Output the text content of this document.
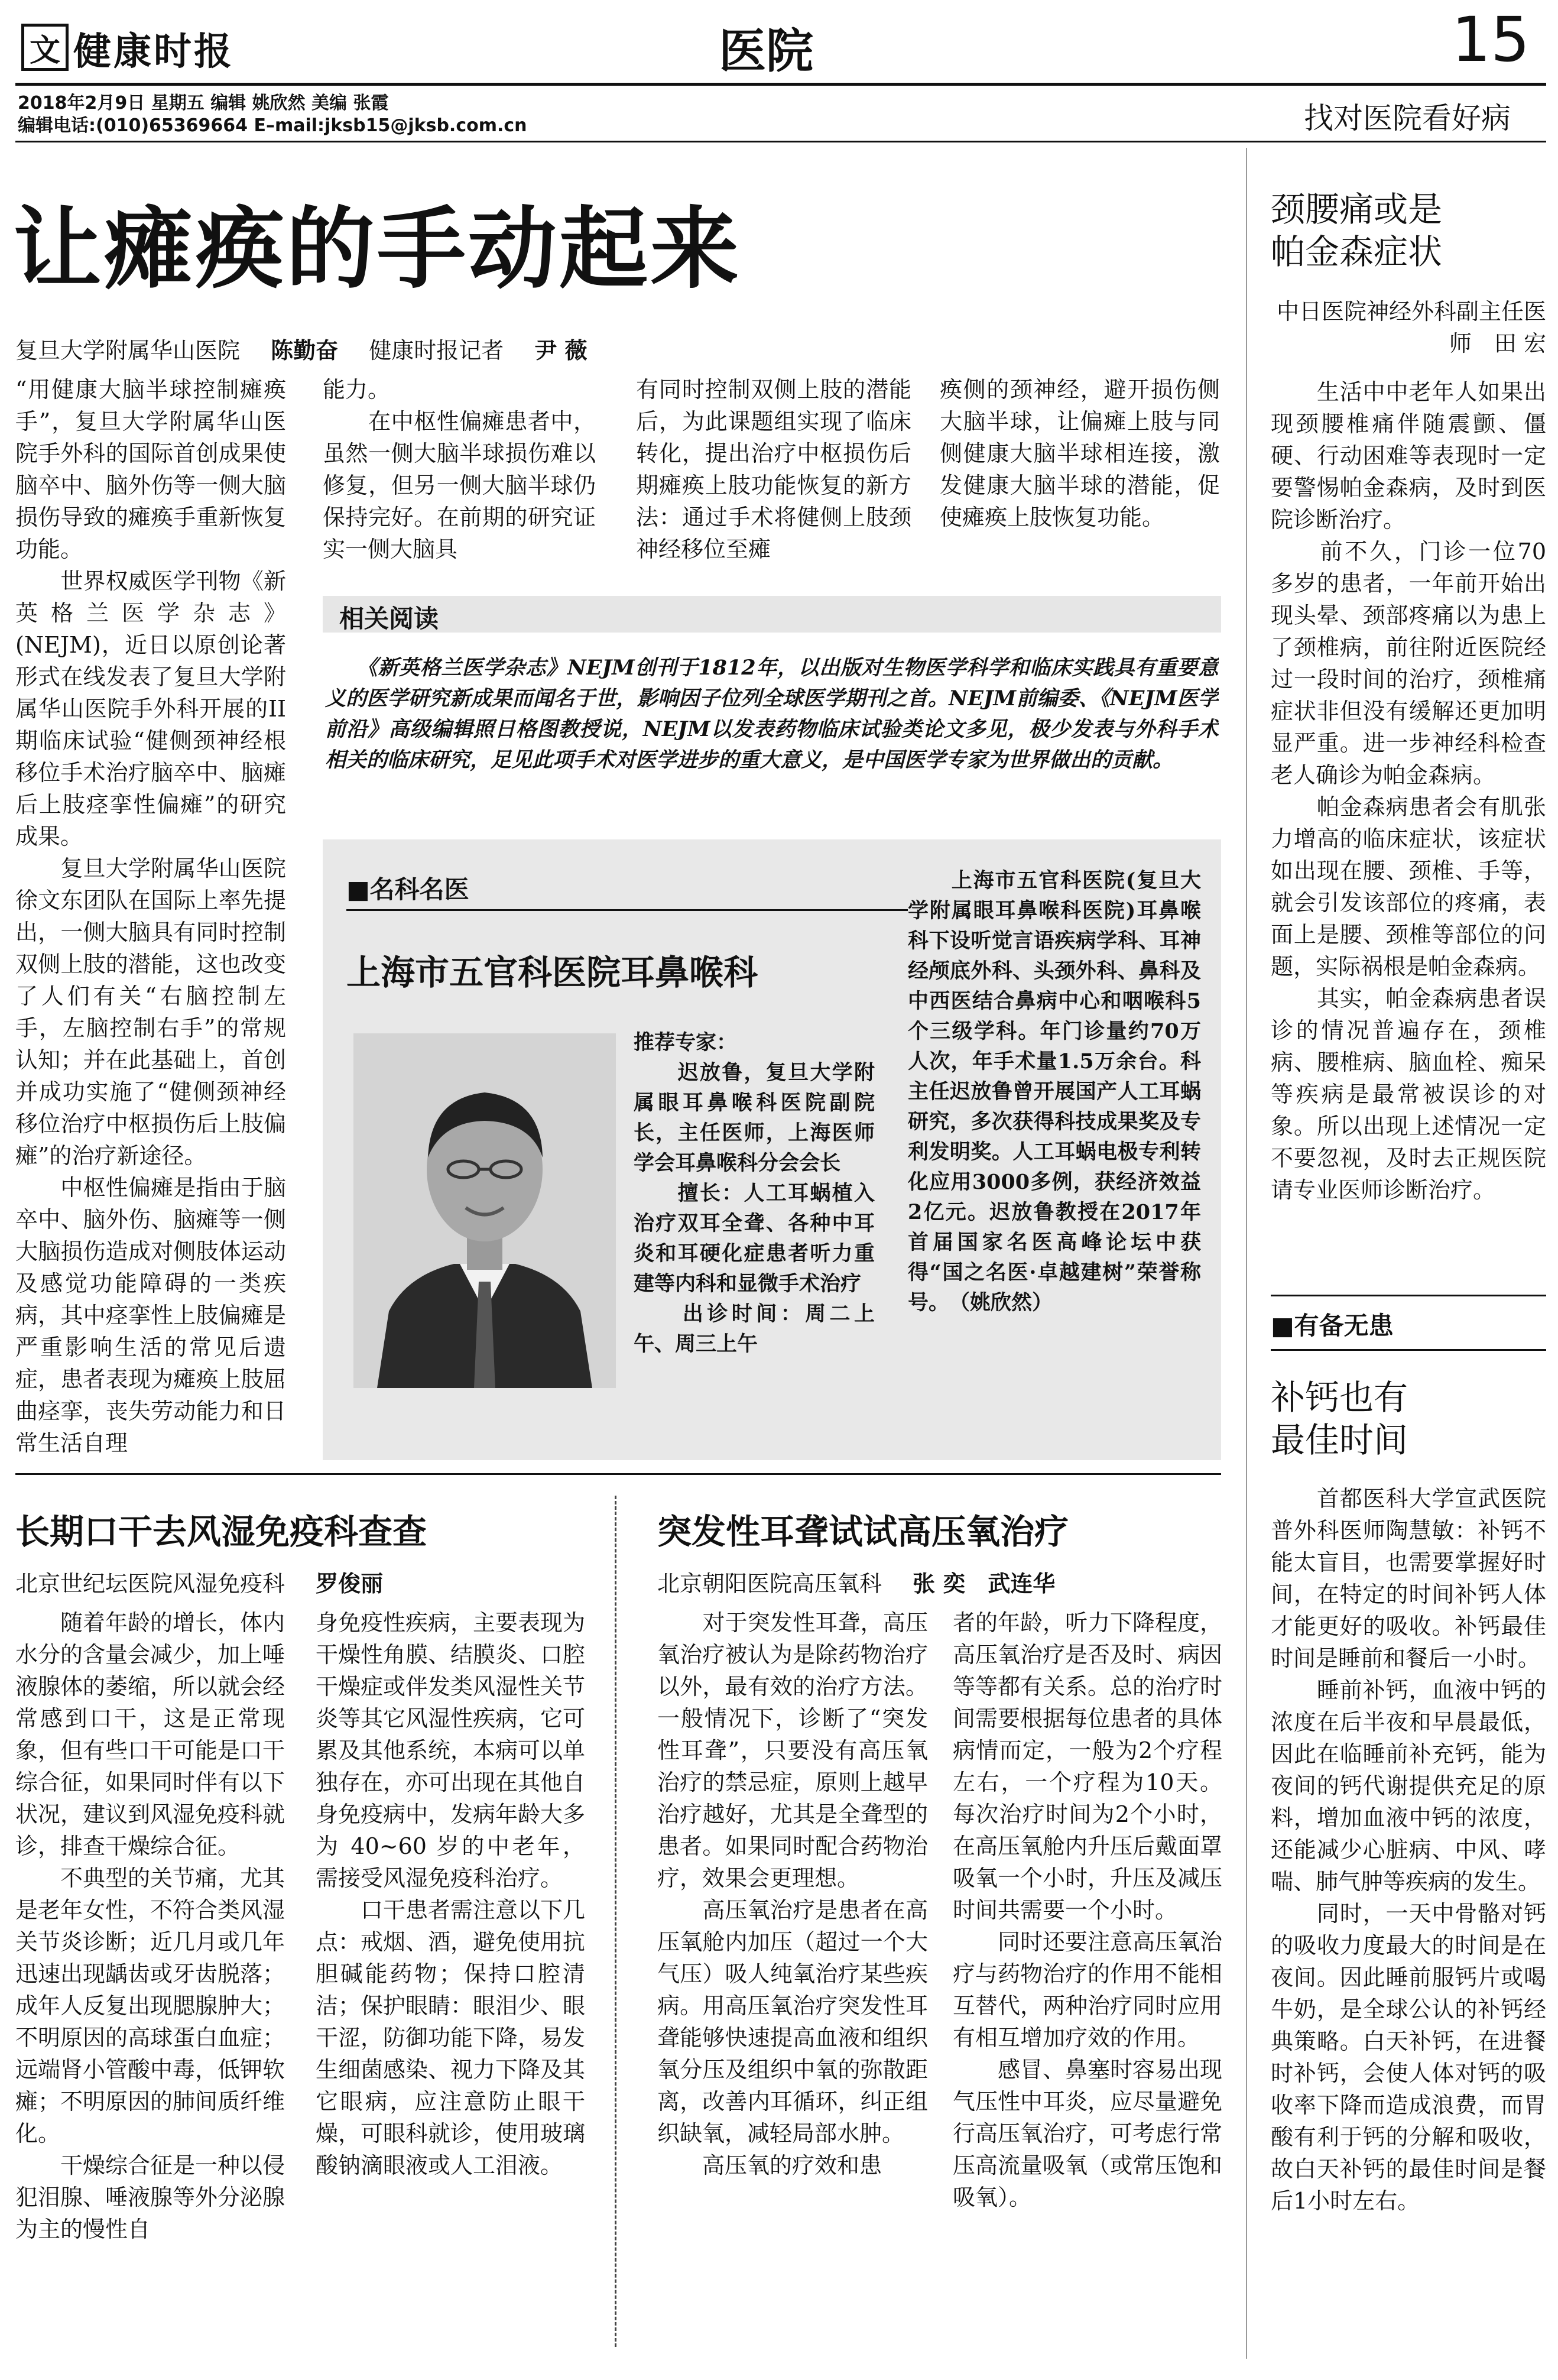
文 健康时报	医院	15
2018年2月9日 星期五 编辑 姚欣然 美编 张霞
编辑电话:(010)65369664 E–mail:jksb15@jksb.com.cn	找对医院看好病
让瘫痪的手动起来
复旦大学附属华山医院 陈勤奋 健康时报记者 尹 薇
“用健康大脑半球控制瘫痪手”，复旦大学附属华山医院手外科的国际首创成果使脑卒中、脑外伤等一侧大脑损伤导致的瘫痪手重新恢复功能。
　　世界权威医学刊物《新英格兰医学杂志》(NEJM)，近日以原创论著形式在线发表了复旦大学附属华山医院手外科开展的II期临床试验“健侧颈神经根移位手术治疗脑卒中、脑瘫后上肢痉挛性偏瘫”的研究成果。
　　复旦大学附属华山医院徐文东团队在国际上率先提出，一侧大脑具有同时控制双侧上肢的潜能，这也改变了人们有关“右脑控制左手，左脑控制右手”的常规认知；并在此基础上，首创并成功实施了“健侧颈神经移位治疗中枢损伤后上肢偏瘫”的治疗新途径。
　　中枢性偏瘫是指由于脑卒中、脑外伤、脑瘫等一侧大脑损伤造成对侧肢体运动及感觉功能障碍的一类疾病，其中痉挛性上肢偏瘫是严重影响生活的常见后遗症，患者表现为瘫痪上肢屈曲痉挛，丧失劳动能力和日常生活自理
能力。
　　在中枢性偏瘫患者中，虽然一侧大脑半球损伤难以修复，但另一侧大脑半球仍保持完好。在前期的研究证实一侧大脑具
有同时控制双侧上肢的潜能后，为此课题组实现了临床转化，提出治疗中枢损伤后期瘫痪上肢功能恢复的新方法：通过手术将健侧上肢颈神经移位至瘫
痪侧的颈神经，避开损伤侧大脑半球，让偏瘫上肢与同侧健康大脑半球相连接，激发健康大脑半球的潜能，促使瘫痪上肢恢复功能。
相关阅读
　　《新英格兰医学杂志》NEJM创刊于1812年，以出版对生物医学科学和临床实践具有重要意义的医学研究新成果而闻名于世，影响因子位列全球医学期刊之首。NEJM前编委、《NEJM医学前沿》高级编辑照日格图教授说，NEJM以发表药物临床试验类论文多见，极少发表与外科手术相关的临床研究，足见此项手术对医学进步的重大意义，是中国医学专家为世界做出的贡献。
■名科名医
上海市五官科医院耳鼻喉科
推荐专家：
　　迟放鲁，复旦大学附属眼耳鼻喉科医院副院长，主任医师，上海医师学会耳鼻喉科分会会长
　　擅长：人工耳蜗植入治疗双耳全聋、各种中耳炎和耳硬化症患者听力重建等内科和显微手术治疗
　　出诊时间：周二上午、周三上午
　　上海市五官科医院(复旦大学附属眼耳鼻喉科医院)耳鼻喉科下设听觉言语疾病学科、耳神经颅底外科、头颈外科、鼻科及中西医结合鼻病中心和咽喉科5个三级学科。年门诊量约70万人次，年手术量1.5万余台。科主任迟放鲁曾开展国产人工耳蜗研究，多次获得科技成果奖及专利发明奖。人工耳蜗电极专利转化应用3000多例，获经济效益2亿元。迟放鲁教授在2017年首届国家名医高峰论坛中获得“国之名医·卓越建树”荣誉称号。　（姚欣然）
长期口干去风湿免疫科查查
北京世纪坛医院风湿免疫科 罗俊丽
　　随着年龄的增长，体内水分的含量会减少，加上唾液腺体的萎缩，所以就会经常感到口干，这是正常现象，但有些口干可能是口干综合征，如果同时伴有以下状况，建议到风湿免疫科就诊，排查干燥综合征。
　　不典型的关节痛，尤其是老年女性，不符合类风湿关节炎诊断；近几月或几年迅速出现龋齿或牙齿脱落；成年人反复出现腮腺肿大；不明原因的高球蛋白血症；远端肾小管酸中毒，低钾软瘫；不明原因的肺间质纤维化。
　　干燥综合征是一种以侵犯泪腺、唾液腺等外分泌腺为主的慢性自
身免疫性疾病，主要表现为干燥性角膜、结膜炎、口腔干燥症或伴发类风湿性关节炎等其它风湿性疾病，它可累及其他系统，本病可以单独存在，亦可出现在其他自身免疫病中，发病年龄大多为 40~60 岁的中老年，需接受风湿免疫科治疗。
　　口干患者需注意以下几点：戒烟、酒，避免使用抗胆碱能药物；保持口腔清洁；保护眼睛：眼泪少、眼干涩，防御功能下降，易发生细菌感染、视力下降及其它眼病，应注意防止眼干燥，可眼科就诊，使用玻璃酸钠滴眼液或人工泪液。
突发性耳聋试试高压氧治疗
北京朝阳医院高压氧科 张 奕　武连华
　　对于突发性耳聋，高压氧治疗被认为是除药物治疗以外，最有效的治疗方法。一般情况下，诊断了“突发性耳聋”，只要没有高压氧治疗的禁忌症，原则上越早治疗越好，尤其是全聋型的患者。如果同时配合药物治疗，效果会更理想。
　　高压氧治疗是患者在高压氧舱内加压（超过一个大气压）吸人纯氧治疗某些疾病。用高压氧治疗突发性耳聋能够快速提高血液和组织氧分压及组织中氧的弥散距离，改善内耳循环，纠正组织缺氧，减轻局部水肿。
　　高压氧的疗效和患
者的年龄，听力下降程度，高压氧治疗是否及时、病因等等都有关系。总的治疗时间需要根据每位患者的具体病情而定，一般为2个疗程左右，一个疗程为10天。每次治疗时间为2个小时，在高压氧舱内升压后戴面罩吸氧一个小时，升压及减压时间共需要一个小时。
　　同时还要注意高压氧治疗与药物治疗的作用不能相互替代，两种治疗同时应用有相互增加疗效的作用。
　　感冒、鼻塞时容易出现气压性中耳炎，应尽量避免行高压氧治疗，可考虑行常压高流量吸氧（或常压饱和吸氧）。
颈腰痛或是
帕金森症状
中日医院神经外科副主任医师　田 宏
　　生活中中老年人如果出现颈腰椎痛伴随震颤、僵硬、行动困难等表现时一定要警惕帕金森病，及时到医院诊断治疗。
　　前不久，门诊一位70多岁的患者，一年前开始出现头晕、颈部疼痛以为患上了颈椎病，前往附近医院经过一段时间的治疗，颈椎痛症状非但没有缓解还更加明显严重。进一步神经科检查老人确诊为帕金森病。
　　帕金森病患者会有肌张力增高的临床症状，该症状如出现在腰、颈椎、手等，就会引发该部位的疼痛，表面上是腰、颈椎等部位的问题，实际祸根是帕金森病。
　　其实，帕金森病患者误诊的情况普遍存在，颈椎病、腰椎病、脑血栓、痴呆等疾病是最常被误诊的对象。所以出现上述情况一定不要忽视，及时去正规医院请专业医师诊断治疗。
■有备无患
补钙也有
最佳时间
　　首都医科大学宣武医院普外科医师陶慧敏：补钙不能太盲目，也需要掌握好时间，在特定的时间补钙人体才能更好的吸收。补钙最佳时间是睡前和餐后一小时。
　　睡前补钙，血液中钙的浓度在后半夜和早晨最低，因此在临睡前补充钙，能为夜间的钙代谢提供充足的原料，增加血液中钙的浓度，还能减少心脏病、中风、哮喘、肺气肿等疾病的发生。
　　同时，一天中骨骼对钙的吸收力度最大的时间是在夜间。因此睡前服钙片或喝牛奶，是全球公认的补钙经典策略。白天补钙，在进餐时补钙，会使人体对钙的吸收率下降而造成浪费，而胃酸有利于钙的分解和吸收，故白天补钙的最佳时间是餐后1小时左右。
